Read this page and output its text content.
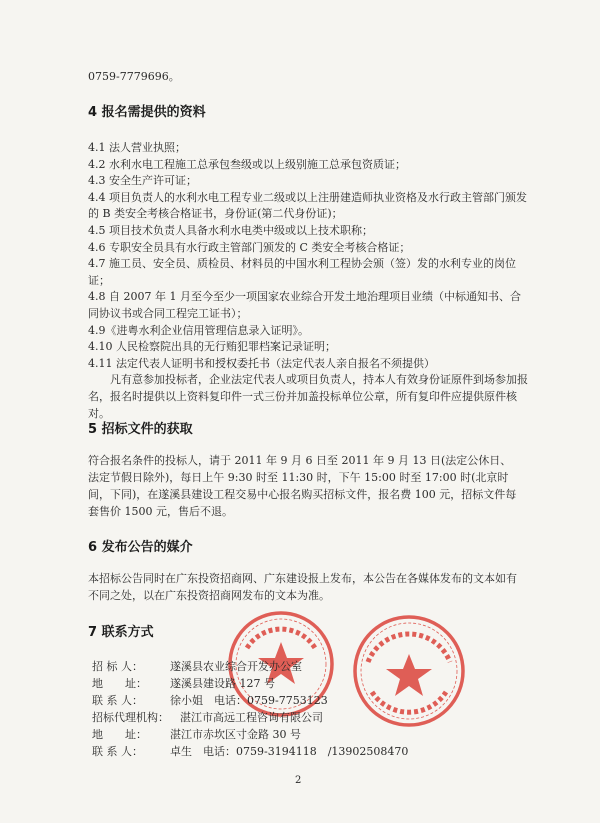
0759-7779696。
4 报名需提供的资料
4.1 法人营业执照；
4.2 水利水电工程施工总承包叁级或以上级别施工总承包资质证；
4.3 安全生产许可证；
4.4 项目负责人的水利水电工程专业二级或以上注册建造师执业资格及水行政主管部门颁发的 B 类安全考核合格证书，身份证(第二代身份证)；
4.5 项目技术负责人具备水利水电类中级或以上技术职称；
4.6 专职安全员具有水行政主管部门颁发的 C 类安全考核合格证；
4.7 施工员、安全员、质检员、材料员的中国水利工程协会颁（签）发的水利专业的岗位证；
4.8 自 2007 年 1 月至今至少一项国家农业综合开发土地治理项目业绩（中标通知书、合同协议书或合同工程完工证书）；
4.9《进粤水利企业信用管理信息录入证明》。
4.10 人民检察院出具的无行贿犯罪档案记录证明；
4.11 法定代表人证明书和授权委托书（法定代表人亲自报名不须提供）
凡有意参加投标者，企业法定代表人或项目负责人，持本人有效身份证原件到场参加报名，报名时提供以上资料复印件一式三份并加盖投标单位公章，所有复印件应提供原件核对。
5 招标文件的获取
符合报名条件的投标人，请于 2011 年 9 月 6 日至 2011 年 9 月 13 日(法定公休日、法定节假日除外)，每日上午 9:30 时至 11:30 时，下午 15:00 时至 17:00 时(北京时间，下同)，在遂溪县建设工程交易中心报名购买招标文件，报名费 100 元，招标文件每套售价 1500 元，售后不退。
6 发布公告的媒介
本招标公告同时在广东投资招商网、广东建设报上发布，本公告在各媒体发布的文本如有不同之处，以在广东投资招商网发布的文本为准。
7 联系方式
招 标 人：	遂溪县农业综合开发办公室
地　　址：	遂溪县建设路 127 号
联 系 人：	徐小姐　电话：0759-7753123
招标代理机构：	湛江市高远工程咨询有限公司
地　　址：	湛江市赤坎区寸金路 30 号
联 系 人：	卓生　电话：0759-3194118　/13902508470
2
